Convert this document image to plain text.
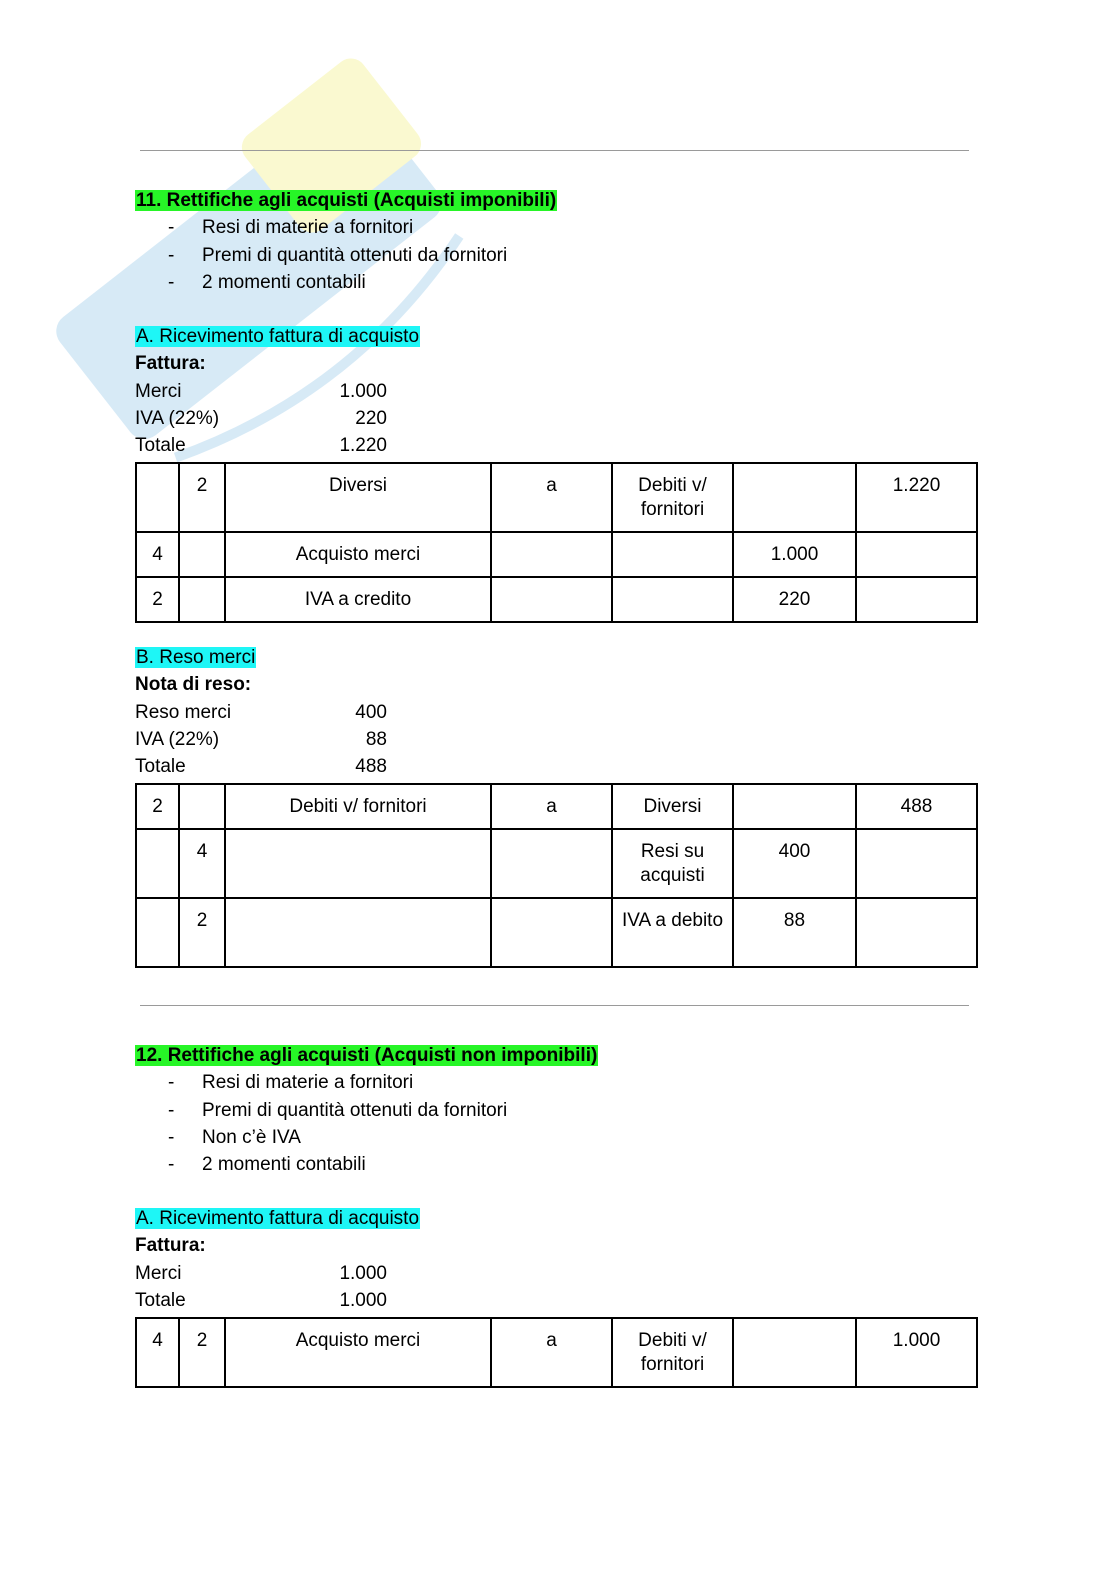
11. Rettifiche agli acquisti (Acquisti imponibili)
- Resi di materie a fornitori
- Premi di quantità ottenuti da fornitori
- 2 momenti contabili
A. Ricevimento fattura di acquisto
Fattura:
Merci	1.000
IVA (22%)	220
Totale	1.220
	2	Diversi	a	Debiti v/ fornitori		1.220
4		Acquisto merci			1.000	
2		IVA a credito			220	
B. Reso merci
Nota di reso:
Reso merci	400
IVA (22%)	88
Totale	488
2		Debiti v/ fornitori	a	Diversi		488
	4			Resi su acquisti	400	
	2			IVA a debito	88	
12. Rettifiche agli acquisti (Acquisti non imponibili)
- Resi di materie a fornitori
- Premi di quantità ottenuti da fornitori
- Non c’è IVA
- 2 momenti contabili
A. Ricevimento fattura di acquisto
Fattura:
Merci	1.000
Totale	1.000
4	2	Acquisto merci	a	Debiti v/ fornitori		1.000
